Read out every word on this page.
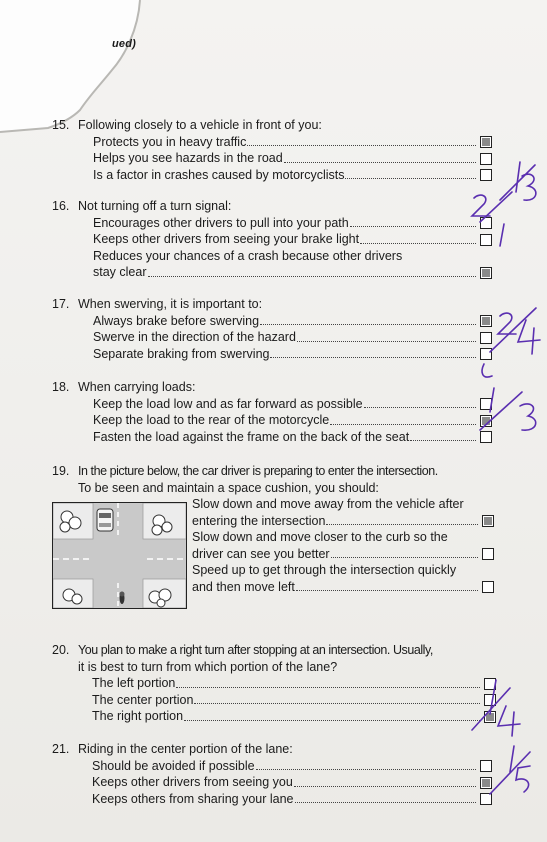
ued)
15. Following closely to a vehicle in front of you:
Protects you in heavy traffic
Helps you see hazards in the road
Is a factor in crashes caused by motorcyclists
16. Not turning off a turn signal:
Encourages other drivers to pull into your path
Keeps other drivers from seeing your brake light
Reduces your chances of a crash because other drivers
stay clear
17. When swerving, it is important to:
Always brake before swerving
Swerve in the direction of the hazard
Separate braking from swerving
18. When carrying loads:
Keep the load low and as far forward as possible
Keep the load to the rear of the motorcycle
Fasten the load against the frame on the back of the seat
19. In the picture below, the car driver is preparing to enter the intersection.
To be seen and maintain a space cushion, you should:
Slow down and move away from the vehicle after
entering the intersection
Slow down and move closer to the curb so the
driver can see you better
Speed up to get through the intersection quickly
and then move left
20. You plan to make a right turn after stopping at an intersection. Usually,
it is best to turn from which portion of the lane?
The left portion
The center portion
The right portion
21. Riding in the center portion of the lane:
Should be avoided if possible
Keeps other drivers from seeing you
Keeps others from sharing your lane
